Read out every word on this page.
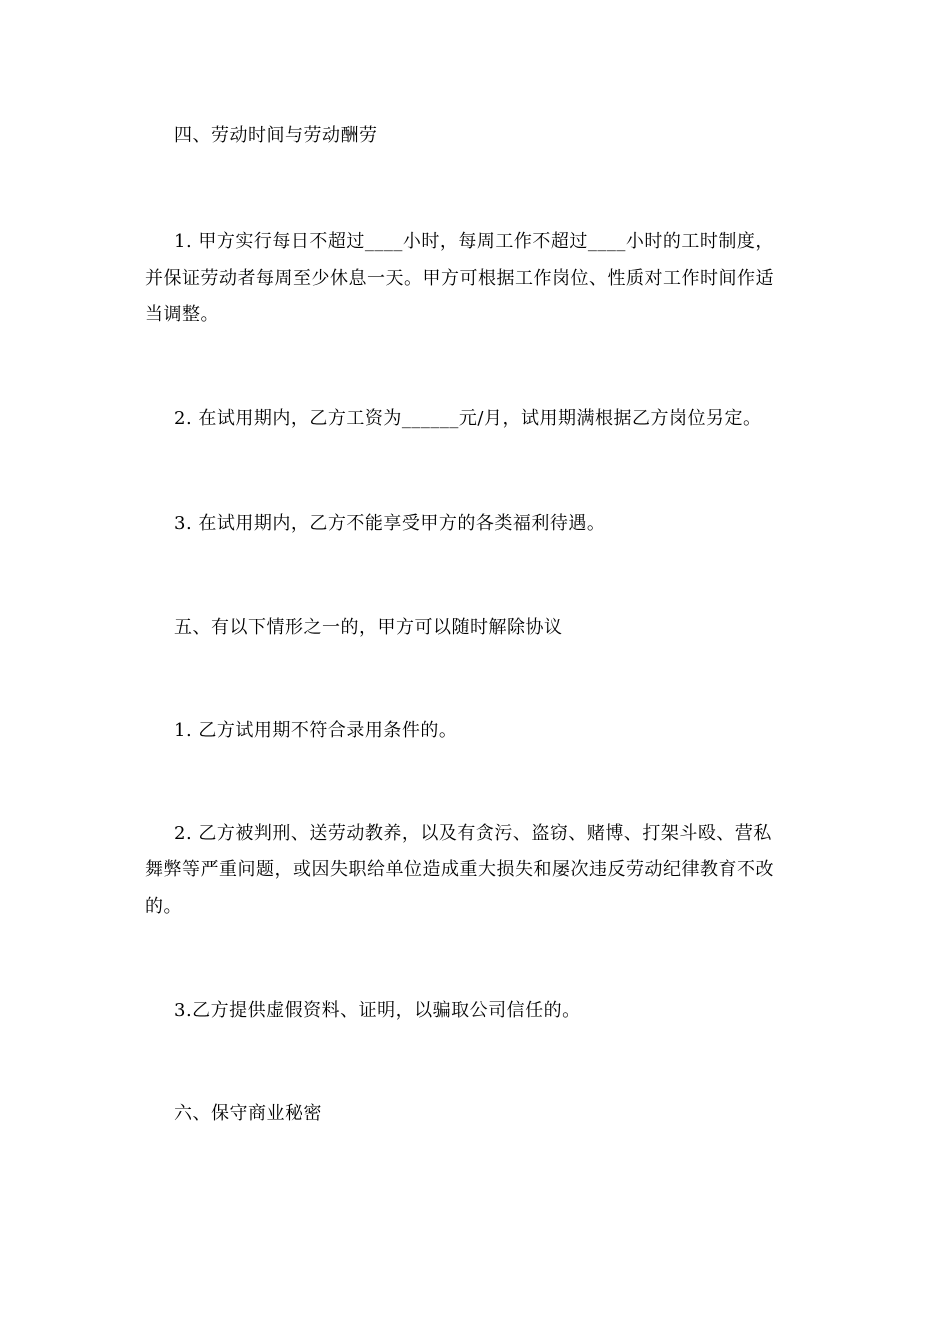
四、劳动时间与劳动酬劳
1. 甲方实行每日不超过____小时，每周工作不超过____小时的工时制度，
并保证劳动者每周至少休息一天。甲方可根据工作岗位、性质对工作时间作适
当调整。
2. 在试用期内，乙方工资为______元/月，试用期满根据乙方岗位另定。
3. 在试用期内，乙方不能享受甲方的各类福利待遇。
五、有以下情形之一的，甲方可以随时解除协议
1. 乙方试用期不符合录用条件的。
2. 乙方被判刑、送劳动教养，以及有贪污、盗窃、赌博、打架斗殴、营私
舞弊等严重问题，或因失职给单位造成重大损失和屡次违反劳动纪律教育不改
的。
3.乙方提供虚假资料、证明，以骗取公司信任的。
六、保守商业秘密
